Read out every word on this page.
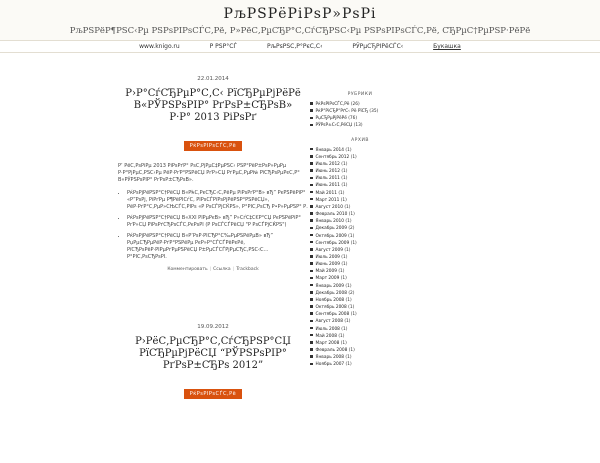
РљРЅРёРіРѕР»РѕРі
РљРЅРёР¶РЅС‹Рµ РЅРѕРІРѕСЃС‚Рё, Р»РёС‚РµСЂР°С‚СѓСЂРЅС‹Рµ РЅРѕРІРѕСЃС‚Рё, СЂРµС†РµРЅР·РёРё
www.knigo.ru	Р РЅР°СЃ	РљРѕРЅС‚Р°РєС‚С‹	РЎРµСЂРІРёСЃС‹	Букашка
22.01.2014
Р›Р°СѓСЂРµР°С‚С‹ РїСЂРµРјРёРё В«РЎРЅРѕРІР° РґРѕР±СЂРѕВ» Р·Р° 2013 РіРѕРґ
РќРѕРІРѕСЃС‚Рё

Р’ РёС‚РѕРіРµ 2013 РіРѕРґР° РѕС‚РјРµС‡РµРЅС‹ РЅР°РёР±РѕР»РµРµ Р·Р°РјРµС‚РЅС‹Рµ РёР·РґР°РЅРёСЏ РґР»СЏ РґРµС‚РµР№ РїСЂРѕРµРєС‚Р° В«РЎРЅРѕРІР° РґРѕР±СЂРѕВ».

• РќРѕРјРёРЅР°С†РёСЏ В«РћС‚РєСЂС‹С‚РёРµ РіРѕРґР°В» вЂ” РєРЅРёРіР° «Р”РѕРј, РіРґРµ Р¶РёРІСѓС‚ РІРѕСЃРїРѕРјРёРЅР°РЅРёСЏ», РёР·РґР°С‚РµР»СЊСЃС‚РІРѕ «Р РѕСЃРјСЌРЅ», Р°РІС‚РѕСЂ Р•Р»РµРЅР° Р.
• РќРѕРјРёРЅР°С†РёСЏ В«XXI РІРµРєВ» вЂ” Р»СѓС‡С€Р°СЏ РєРЅРёРіР° РґР»СЏ РїРѕРґСЂРѕСЃС‚РєРѕРІ (Р РѕСЃСЃРёСЏ "Р РѕСЃРјСЌРЅ")
• РќРѕРјРёРЅР°С†РёСЏ В«Р’РѕР·РІСЂР°С‰РµРЅРёРµВ» вЂ” РџРµСЂРµРёР·РґР°РЅРёРµ РєР»Р°СЃСЃРёРєРё, РїСЂРѕРёР·РІРµРґРµРЅРёСЏ Р±РµСЃСЃРјРµСЂС‚РЅС‹С… Р°РІС‚РѕСЂРѕРІ.
Комментировать | Ссылка | Trackback
19.09.2012
Р›РёС‚РµСЂР°С‚СѓСЂРЅР°СЏ РїСЂРµРјРёСЏ “РЎРЅРѕРІР° РґРѕР±СЂРѕ 2012”
РќРѕРІРѕСЃС‚Рё
РУБРИКИ
РќРѕРІРѕСЃС‚Рё (26)
РќР°РіСЂР°РґС‹ Рё РїСЂ (35)
РџСЂРµРјРёРё (76)
РЎРѕР±С‹С‚РёСЏ (13)
АРХИВ
Январь 2014 (1)
Сентябрь 2012 (1)
Июль 2012 (1)
Июнь 2012 (1)
Июль 2011 (1)
Июнь 2011 (1)
Май 2011 (1)
Март 2011 (1)
Август 2010 (1)
Февраль 2010 (1)
Январь 2010 (1)
Декабрь 2009 (2)
Октябрь 2009 (1)
Сентябрь 2009 (1)
Август 2009 (1)
Июль 2009 (1)
Июнь 2009 (1)
Май 2009 (1)
Март 2009 (1)
Январь 2009 (1)
Декабрь 2008 (2)
Ноябрь 2008 (1)
Октябрь 2008 (1)
Сентябрь 2008 (1)
Август 2008 (1)
Июль 2008 (1)
Май 2008 (1)
Март 2008 (1)
Февраль 2008 (1)
Январь 2008 (1)
Ноябрь 2007 (1)
